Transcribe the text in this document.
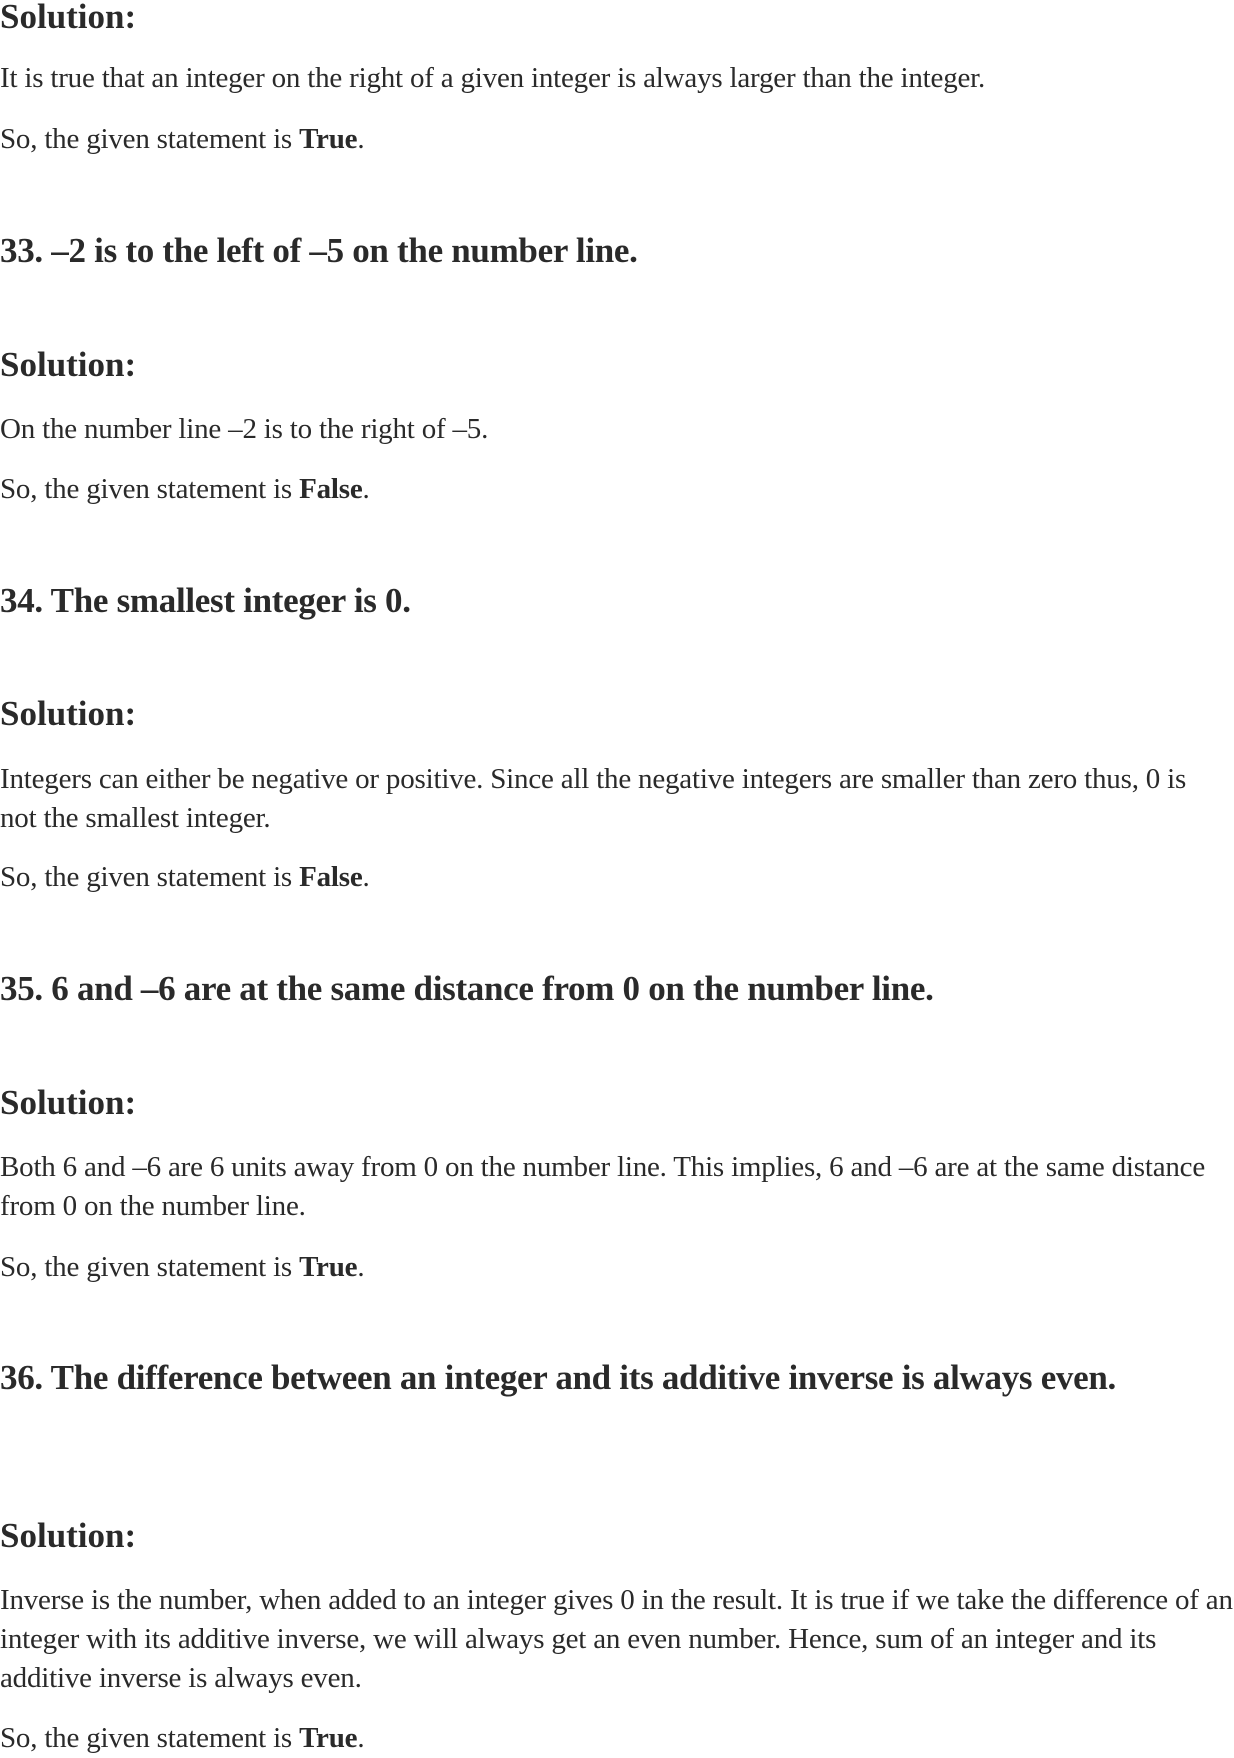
Solution:

It is true that an integer on the right of a given integer is always larger than the integer.

So, the given statement is True.

33. –2 is to the left of –5 on the number line.
Solution:

On the number line –2 is to the right of –5.

So, the given statement is False.

34. The smallest integer is 0.
Solution:

Integers can either be negative or positive. Since all the negative integers are smaller than zero thus, 0 is not the smallest integer.

So, the given statement is False.

35. 6 and –6 are at the same distance from 0 on the number line.
Solution:

Both 6 and –6 are 6 units away from 0 on the number line. This implies, 6 and –6 are at the same distance from 0 on the number line.

So, the given statement is True.

36. The difference between an integer and its additive inverse is always even.
Solution:

Inverse is the number, when added to an integer gives 0 in the result. It is true if we take the difference of an integer with its additive inverse, we will always get an even number. Hence, sum of an integer and its additive inverse is always even.

So, the given statement is True.
